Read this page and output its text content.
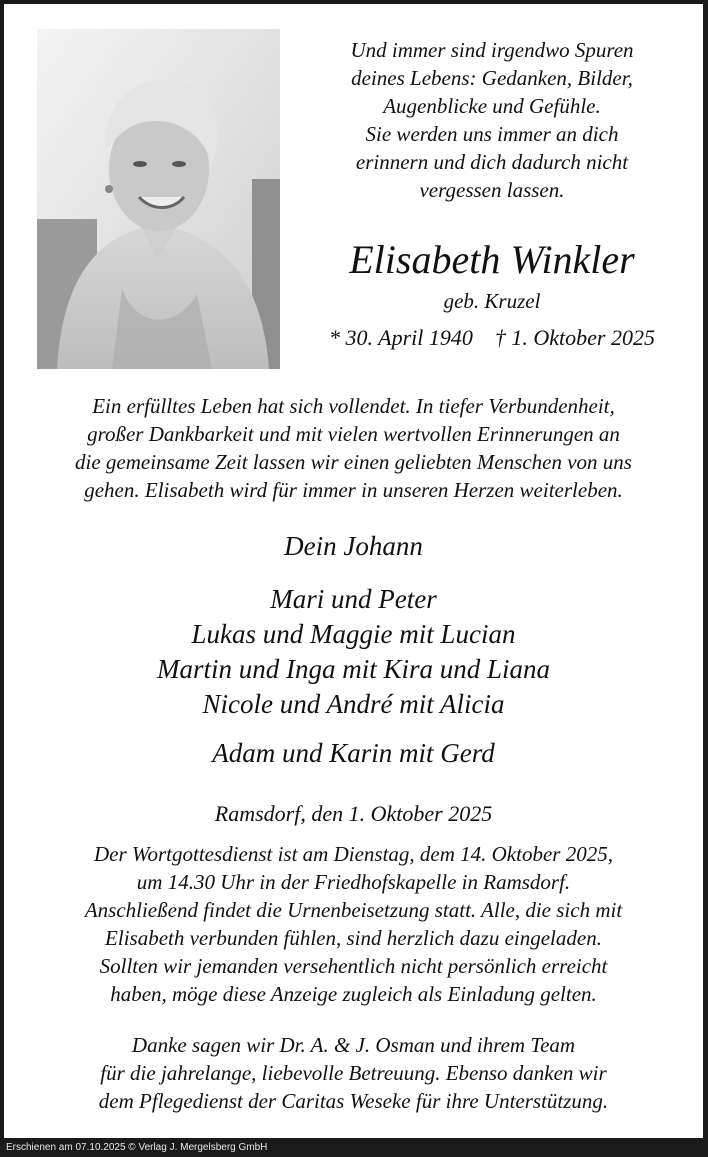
Und immer sind irgendwo Spuren
deines Lebens: Gedanken, Bilder,
Augenblicke und Gefühle.
Sie werden uns immer an dich
erinnern und dich dadurch nicht
vergessen lassen.
Elisabeth Winkler
geb. Kruzel
* 30. April 1940 † 1. Oktober 2025
Ein erfülltes Leben hat sich vollendet. In tiefer Verbundenheit,
großer Dankbarkeit und mit vielen wertvollen Erinnerungen an
die gemeinsame Zeit lassen wir einen geliebten Menschen von uns
gehen. Elisabeth wird für immer in unseren Herzen weiterleben.
Dein Johann
Mari und Peter
Lukas und Maggie mit Lucian
Martin und Inga mit Kira und Liana
Nicole und André mit Alicia
Adam und Karin mit Gerd
Ramsdorf, den 1. Oktober 2025
Der Wortgottesdienst ist am Dienstag, dem 14. Oktober 2025,
um 14.30 Uhr in der Friedhofskapelle in Ramsdorf.
Anschließend findet die Urnenbeisetzung statt. Alle, die sich mit
Elisabeth verbunden fühlen, sind herzlich dazu eingeladen.
Sollten wir jemanden versehentlich nicht persönlich erreicht
haben, möge diese Anzeige zugleich als Einladung gelten.
Danke sagen wir Dr. A. & J. Osman und ihrem Team
für die jahrelange, liebevolle Betreuung. Ebenso danken wir
dem Pflegedienst der Caritas Weseke für ihre Unterstützung.
Erschienen am 07.10.2025 © Verlag J. Mergelsberg GmbH
